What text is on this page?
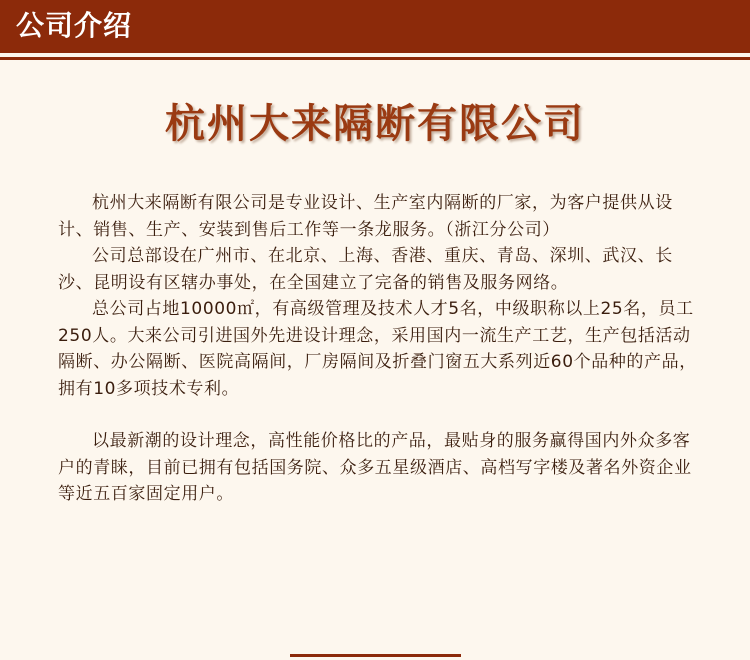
公司介绍
杭州大来隔断有限公司

杭州大来隔断有限公司是专业设计、生产室内隔断的厂家，为客户提供从设计、销售、生产、安装到售后工作等一条龙服务。（浙江分公司）

公司总部设在广州市、在北京、上海、香港、重庆、青岛、深圳、武汉、长沙、昆明设有区辖办事处，在全国建立了完备的销售及服务网络。

总公司占地10000㎡，有高级管理及技术人才5名，中级职称以上25名，员工250人。大来公司引进国外先进设计理念，采用国内一流生产工艺，生产包括活动隔断、办公隔断、医院高隔间，厂房隔间及折叠门窗五大系列近60个品种的产品，拥有10多项技术专利。

以最新潮的设计理念，高性能价格比的产品，最贴身的服务赢得国内外众多客户的青睐，目前已拥有包括国务院、众多五星级酒店、高档写字楼及著名外资企业等近五百家固定用户。
